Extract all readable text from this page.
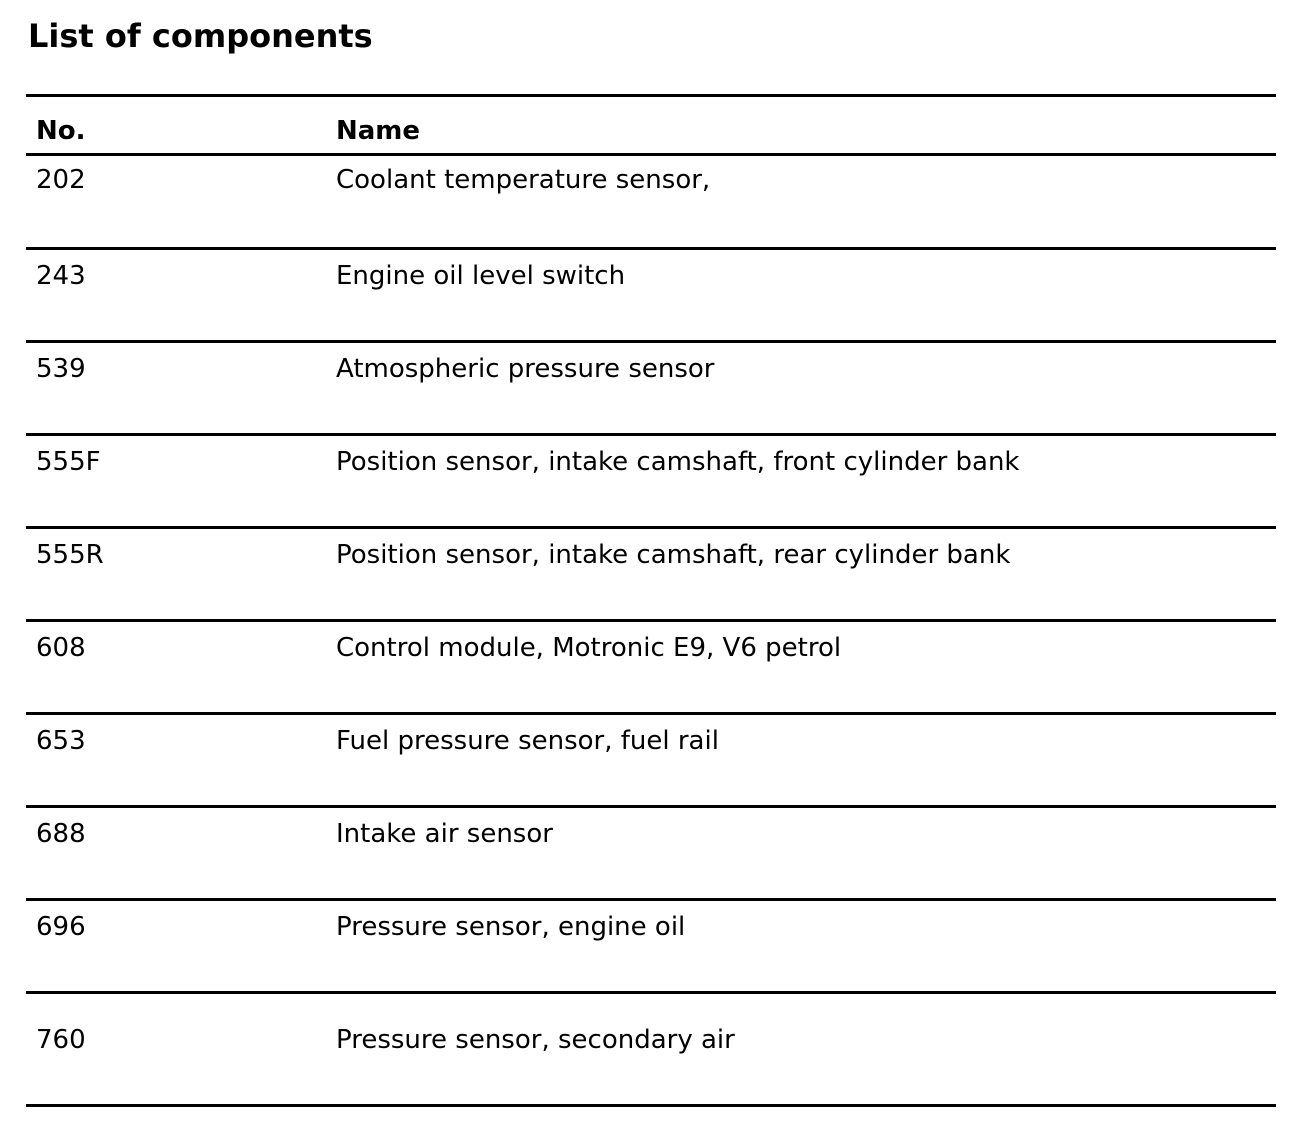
List of components
No.	Name
202	Coolant temperature sensor,
243	Engine oil level switch
539	Atmospheric pressure sensor
555F	Position sensor, intake camshaft, front cylinder bank
555R	Position sensor, intake camshaft, rear cylinder bank
608	Control module, Motronic E9, V6 petrol
653	Fuel pressure sensor, fuel rail
688	Intake air sensor
696	Pressure sensor, engine oil
760	Pressure sensor, secondary air
